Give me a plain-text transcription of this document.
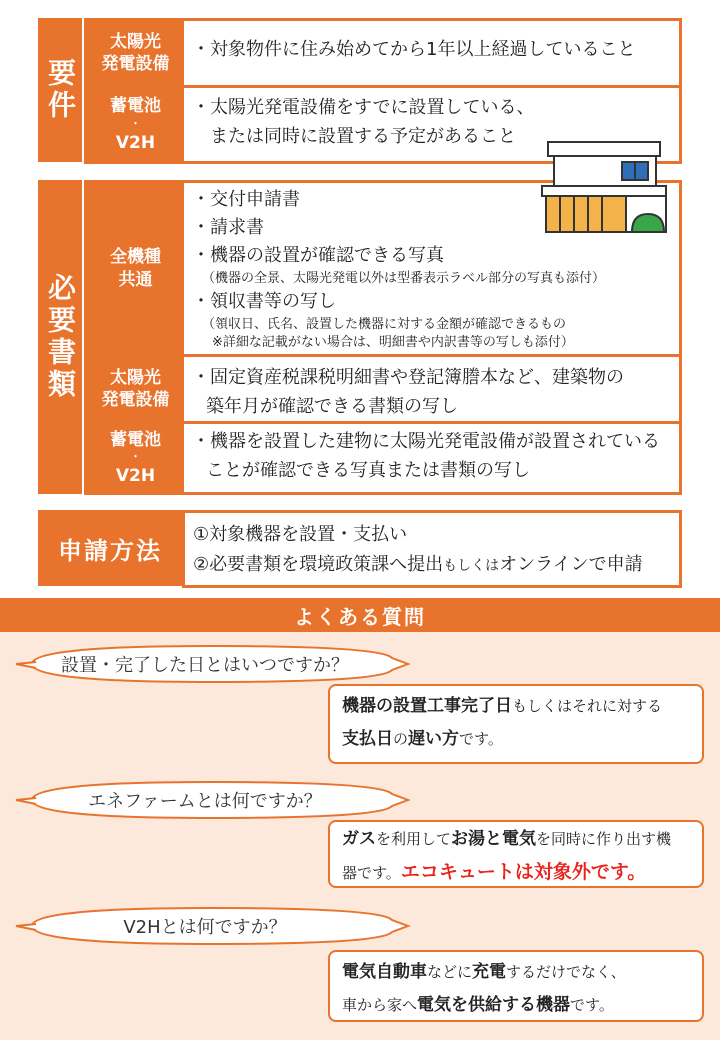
要件
太陽光
発電設備
・対象物件に住み始めてから1年以上経過していること
蓄電池
・
V2H
・太陽光発電設備をすでに設置している、
　または同時に設置する予定があること
必要書類
全機種
共通
・交付申請書
・請求書
・機器の設置が確認できる写真
（機器の全景、太陽光発電以外は型番表示ラベル部分の写真も添付）
・領収書等の写し
（領収日、氏名、設置した機器に対する金額が確認できるもの
※詳細な記載がない場合は、明細書や内訳書等の写しも添付）
太陽光
発電設備
・固定資産税課税明細書や登記簿謄本など、建築物の
築年月が確認できる書類の写し
蓄電池
・
V2H
・機器を設置した建物に太陽光発電設備が設置されている
ことが確認できる写真または書類の写し
申請方法
①対象機器を設置・支払い
②必要書類を環境政策課へ提出もしくはオンラインで申請
よくある質問
設置・完了した日とはいつですか？
機器の設置工事完了日もしくはそれに対する
支払日の遅い方です。
エネファームとは何ですか？
ガスを利用してお湯と電気を同時に作り出す機
器です。エコキュートは対象外です。
V2Hとは何ですか？
電気自動車などに充電するだけでなく、
車から家へ電気を供給する機器です。
